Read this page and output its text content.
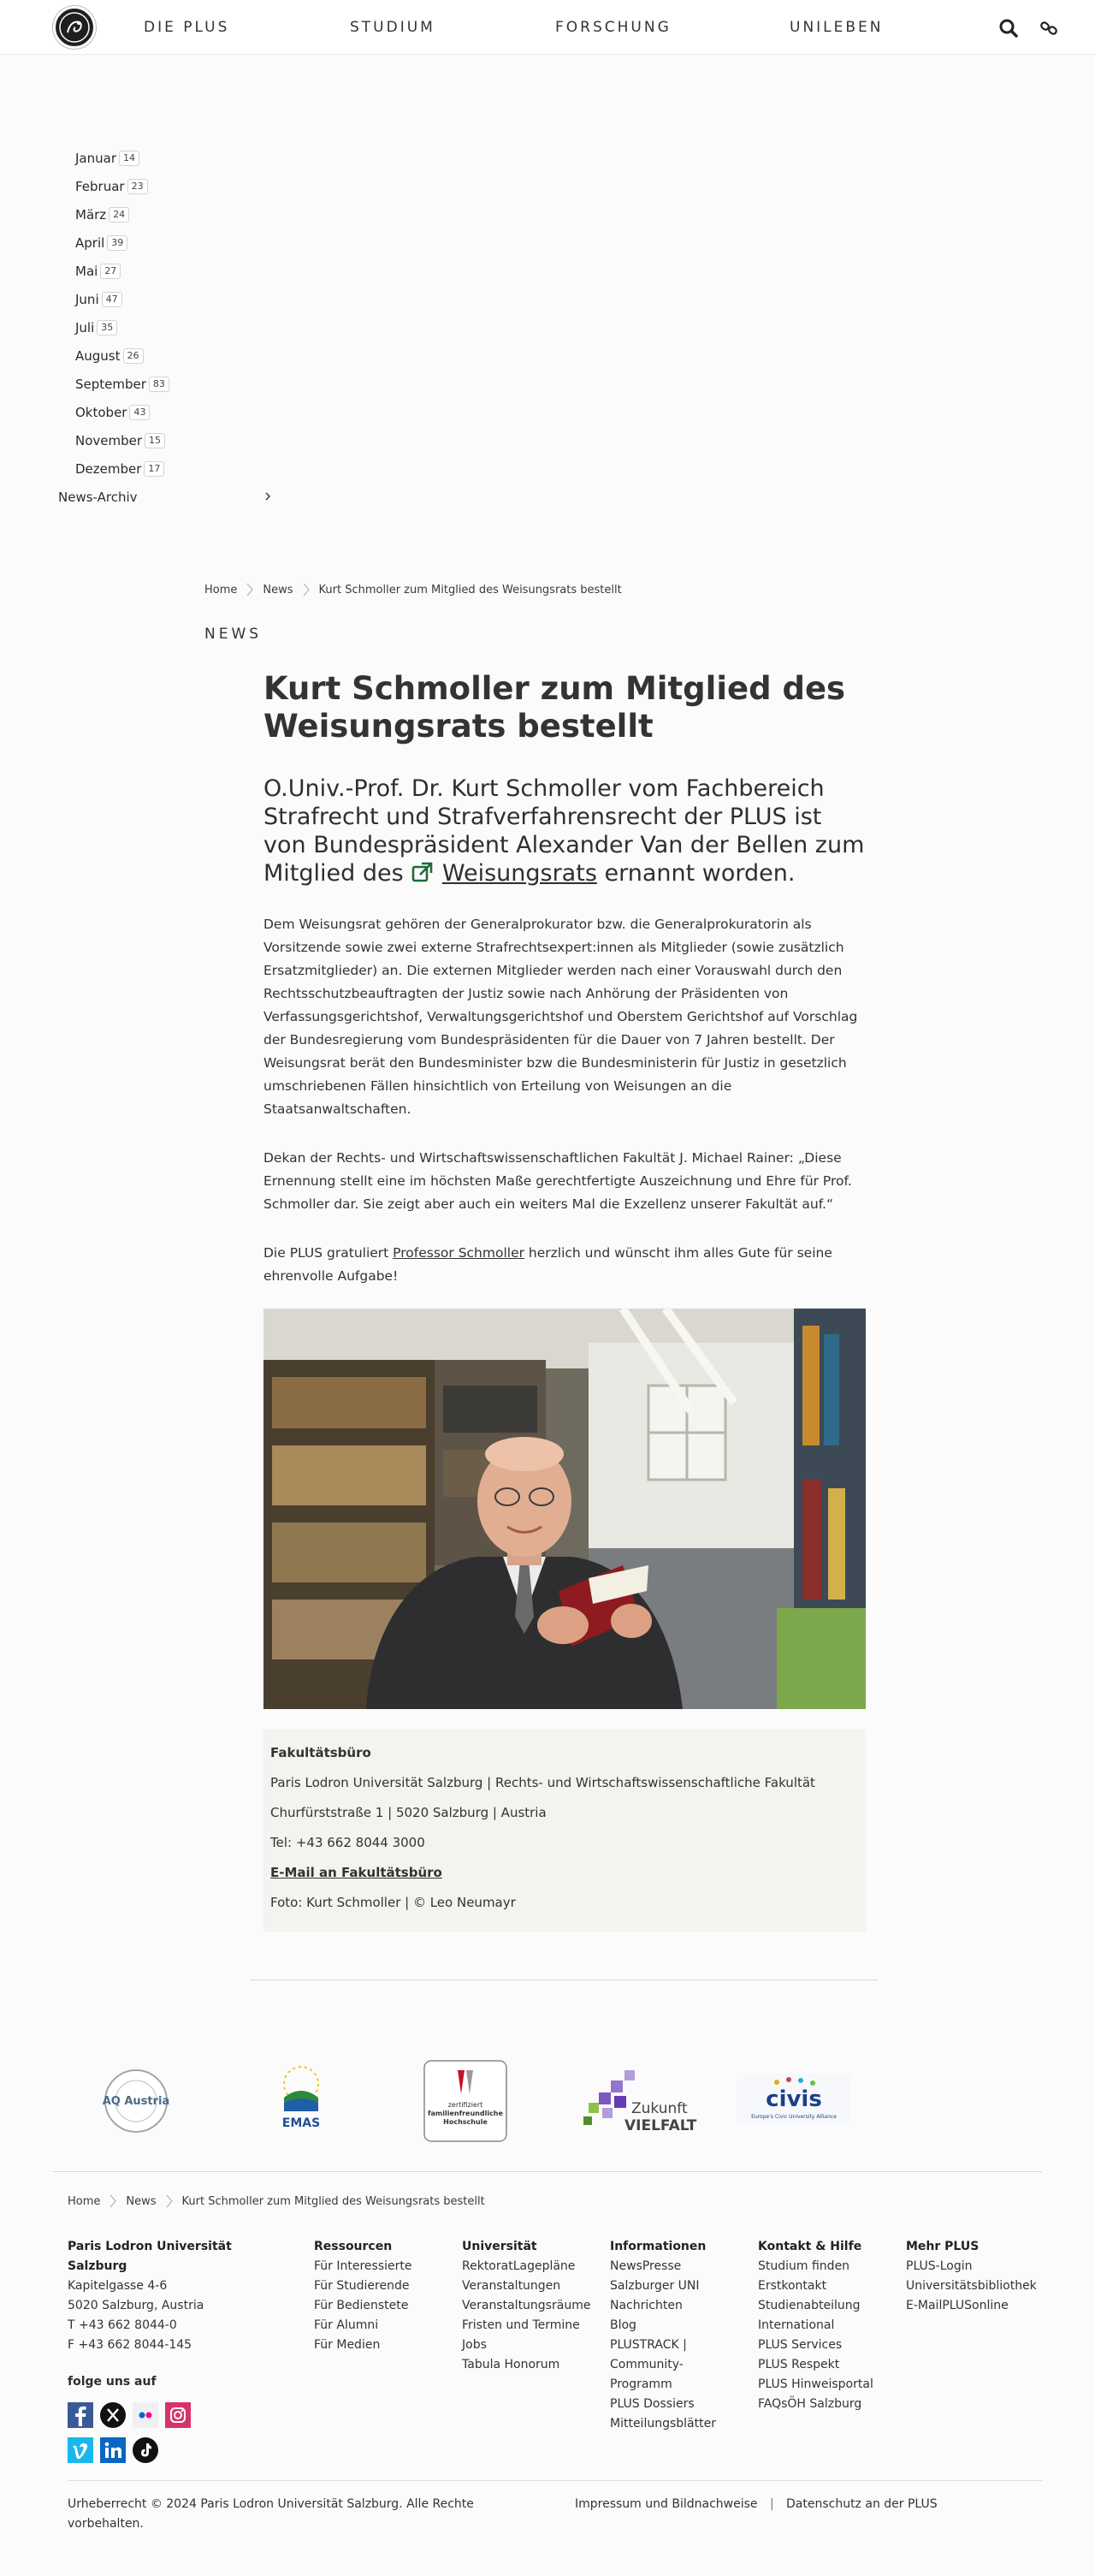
DIE PLUS	STUDIUM	FORSCHUNG	UNILEBEN
Januar 14
Februar 23
März 24
April 39
Mai 27
Juni 47
Juli 35
August 26
September 83
Oktober 43
November 15
Dezember 17
News-Archiv
Home News Kurt Schmoller zum Mitglied des Weisungsrats bestellt
NEWS
Kurt Schmoller zum Mitglied des Weisungsrats bestellt

O.Univ.-Prof. Dr. Kurt Schmoller vom Fachbereich Strafrecht und Strafverfahrensrecht der PLUS ist von Bundespräsident Alexander Van der Bellen zum Mitglied des  Weisungsrats ernannt worden.

Dem Weisungsrat gehören der Generalprokurator bzw. die Generalprokuratorin als Vorsitzende sowie zwei externe Strafrechtsexpert:innen als Mitglieder (sowie zusätzlich Ersatzmitglieder) an. Die externen Mitglieder werden nach einer Vorauswahl durch den Rechtsschutzbeauftragten der Justiz sowie nach Anhörung der Präsidenten von Verfassungsgerichtshof, Verwaltungsgerichtshof und Oberstem Gerichtshof auf Vorschlag der Bundesregierung vom Bundespräsidenten für die Dauer von 7 Jahren bestellt. Der Weisungsrat berät den Bundesminister bzw die Bundesministerin für Justiz in gesetzlich umschriebenen Fällen hinsichtlich von Erteilung von Weisungen an die Staatsanwaltschaften.

Dekan der Rechts- und Wirtschaftswissenschaftlichen Fakultät J. Michael Rainer: „Diese Ernennung stellt eine im höchsten Maße gerechtfertigte Auszeichnung und Ehre für Prof. Schmoller dar. Sie zeigt aber auch ein weiters Mal die Exzellenz unserer Fakultät auf.“

Die PLUS gratuliert Professor Schmoller herzlich und wünscht ihm alles Gute für seine ehrenvolle Aufgabe!

Fakultätsbüro
Paris Lodron Universität Salzburg | Rechts- und Wirtschaftswissenschaftliche Fakultät
Churfürststraße 1 | 5020 Salzburg | Austria
Tel: +43 662 8044 3000
E-Mail an Fakultätsbüro
Foto: Kurt Schmoller | © Leo Neumayr
AQ Austria
EMAS
zertifiziert
familienfreundliche
Hochschule
Zukunft
VIELFALT
civis
Europe's Civic University Alliance
Home News Kurt Schmoller zum Mitglied des Weisungsrats bestellt
Paris Lodron Universität Salzburg
Kapitelgasse 4-6
5020 Salzburg, Austria
T +43 662 8044-0
F +43 662 8044-145
Ressourcen
Für Interessierte
Für Studierende
Für Bedienstete
Für Alumni
Für Medien
Universität
RektoratLagepläne
Veranstaltungen
Veranstaltungsräume
Fristen und Termine
Jobs
Tabula Honorum
Informationen
NewsPresse
Salzburger UNI Nachrichten
Blog
PLUSTRACK | Community-Programm
PLUS Dossiers
Mitteilungsblätter
Kontakt & Hilfe
Studium finden
Erstkontakt
Studienabteilung International
PLUS Services
PLUS Respekt
PLUS Hinweisportal
FAQsÖH Salzburg
Mehr PLUS
PLUS-Login
Universitätsbibliothek
E-MailPLUSonline
folge uns auf
Urheberrecht © 2024 Paris Lodron Universität Salzburg. Alle Rechte vorbehalten.
Impressum und Bildnachweise | Datenschutz an der PLUS
